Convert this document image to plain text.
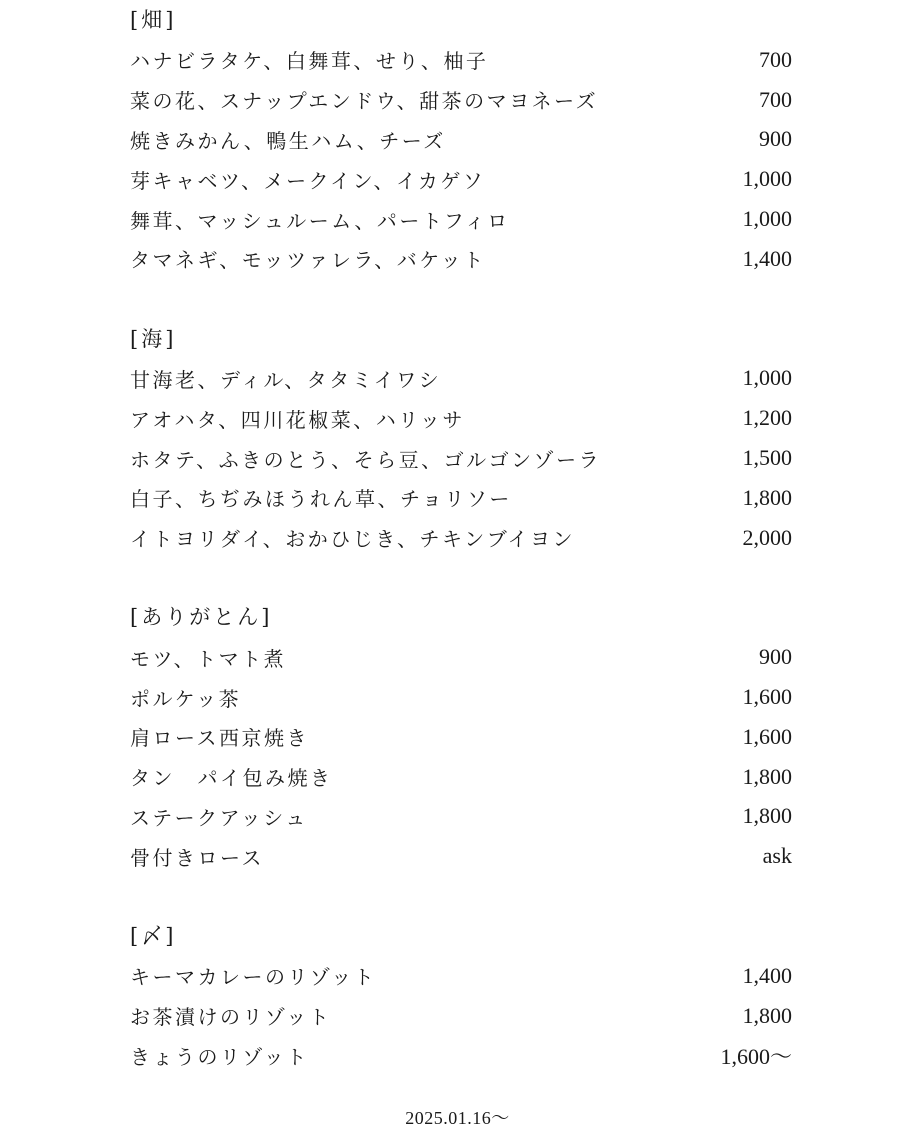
[畑]
ハナビラタケ、白舞茸、せり、柚子	700
菜の花、スナップエンドウ、甜茶のマヨネーズ	700
焼きみかん、鴨生ハム、チーズ	900
芽キャベツ、メークイン、イカゲソ	1,000
舞茸、マッシュルーム、パートフィロ	1,000
タマネギ、モッツァレラ、バケット	1,400
[海]
甘海老、ディル、タタミイワシ	1,000
アオハタ、四川花椒菜、ハリッサ	1,200
ホタテ、ふきのとう、そら豆、ゴルゴンゾーラ	1,500
白子、ちぢみほうれん草、チョリソー	1,800
イトヨリダイ、おかひじき、チキンブイヨン	2,000
[ありがとん]
モツ、トマト煮	900
ポルケッ茶	1,600
肩ロース西京焼き	1,600
タン　パイ包み焼き	1,800
ステークアッシュ	1,800
骨付きロース	ask
[〆]
キーマカレーのリゾット	1,400
お茶漬けのリゾット	1,800
きょうのリゾット	1,600〜
2025.01.16〜
